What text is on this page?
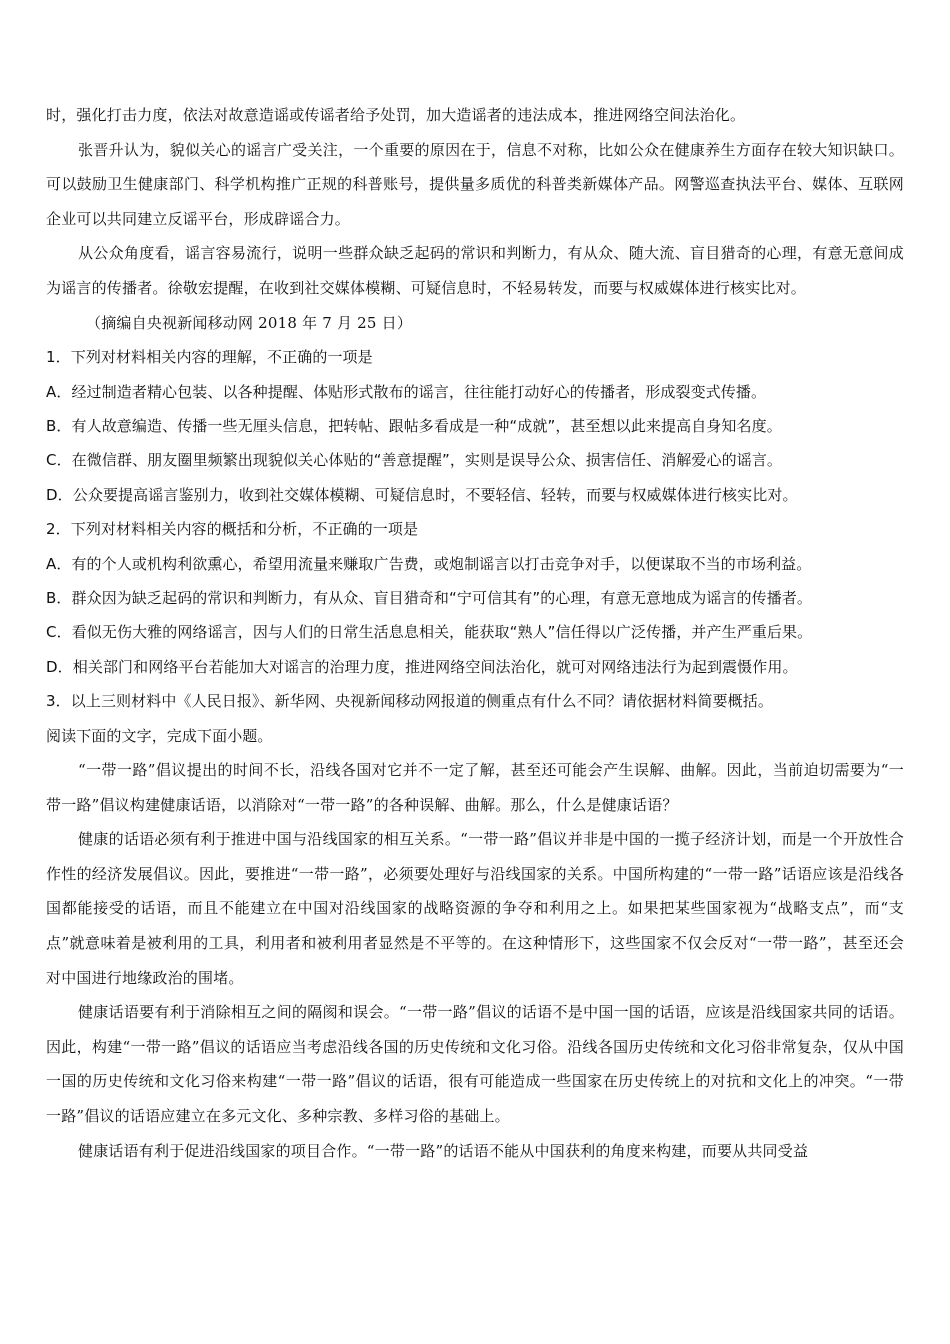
时，强化打击力度，依法对故意造谣或传谣者给予处罚，加大造谣者的违法成本，推进网络空间法治化。

张晋升认为，貌似关心的谣言广受关注，一个重要的原因在于，信息不对称，比如公众在健康养生方面存在较大知识缺口。可以鼓励卫生健康部门、科学机构推广正规的科普账号，提供量多质优的科普类新媒体产品。网警巡查执法平台、媒体、互联网企业可以共同建立反谣平台，形成辟谣合力。

从公众角度看，谣言容易流行，说明一些群众缺乏起码的常识和判断力，有从众、随大流、盲目猎奇的心理，有意无意间成为谣言的传播者。徐敬宏提醒，在收到社交媒体模糊、可疑信息时，不轻易转发，而要与权威媒体进行核实比对。

（摘编自央视新闻移动网 2018 年 7 月 25 日）

1．下列对材料相关内容的理解，不正确的一项是

A．经过制造者精心包装、以各种提醒、体贴形式散布的谣言，往往能打动好心的传播者，形成裂变式传播。

B．有人故意编造、传播一些无厘头信息，把转帖、跟帖多看成是一种“成就”，甚至想以此来提高自身知名度。

C．在微信群、朋友圈里频繁出现貌似关心体贴的“善意提醒”，实则是误导公众、损害信任、消解爱心的谣言。

D．公众要提高谣言鉴别力，收到社交媒体模糊、可疑信息时，不要轻信、轻转，而要与权威媒体进行核实比对。

2．下列对材料相关内容的概括和分析，不正确的一项是

A．有的个人或机构利欲熏心，希望用流量来赚取广告费，或炮制谣言以打击竞争对手，以便谋取不当的市场利益。

B．群众因为缺乏起码的常识和判断力，有从众、盲目猎奇和“宁可信其有”的心理，有意无意地成为谣言的传播者。

C．看似无伤大雅的网络谣言，因与人们的日常生活息息相关，能获取“熟人”信任得以广泛传播，并产生严重后果。

D．相关部门和网络平台若能加大对谣言的治理力度，推进网络空间法治化，就可对网络违法行为起到震慑作用。

3．以上三则材料中《人民日报》、新华网、央视新闻移动网报道的侧重点有什么不同？请依据材料简要概括。

阅读下面的文字，完成下面小题。

“一带一路”倡议提出的时间不长，沿线各国对它并不一定了解，甚至还可能会产生误解、曲解。因此，当前迫切需要为“一带一路”倡议构建健康话语，以消除对“一带一路”的各种误解、曲解。那么，什么是健康话语？

健康的话语必须有利于推进中国与沿线国家的相互关系。“一带一路”倡议并非是中国的一揽子经济计划，而是一个开放性合作性的经济发展倡议。因此，要推进“一带一路”，必须要处理好与沿线国家的关系。中国所构建的“一带一路”话语应该是沿线各国都能接受的话语，而且不能建立在中国对沿线国家的战略资源的争夺和利用之上。如果把某些国家视为“战略支点”，而“支点”就意味着是被利用的工具，利用者和被利用者显然是不平等的。在这种情形下，这些国家不仅会反对“一带一路”，甚至还会对中国进行地缘政治的围堵。

健康话语要有利于消除相互之间的隔阂和误会。“一带一路”倡议的话语不是中国一国的话语，应该是沿线国家共同的话语。因此，构建“一带一路”倡议的话语应当考虑沿线各国的历史传统和文化习俗。沿线各国历史传统和文化习俗非常复杂，仅从中国一国的历史传统和文化习俗来构建“一带一路”倡议的话语，很有可能造成一些国家在历史传统上的对抗和文化上的冲突。“一带一路”倡议的话语应建立在多元文化、多种宗教、多样习俗的基础上。

健康话语有利于促进沿线国家的项目合作。“一带一路”的话语不能从中国获利的角度来构建，而要从共同受益
